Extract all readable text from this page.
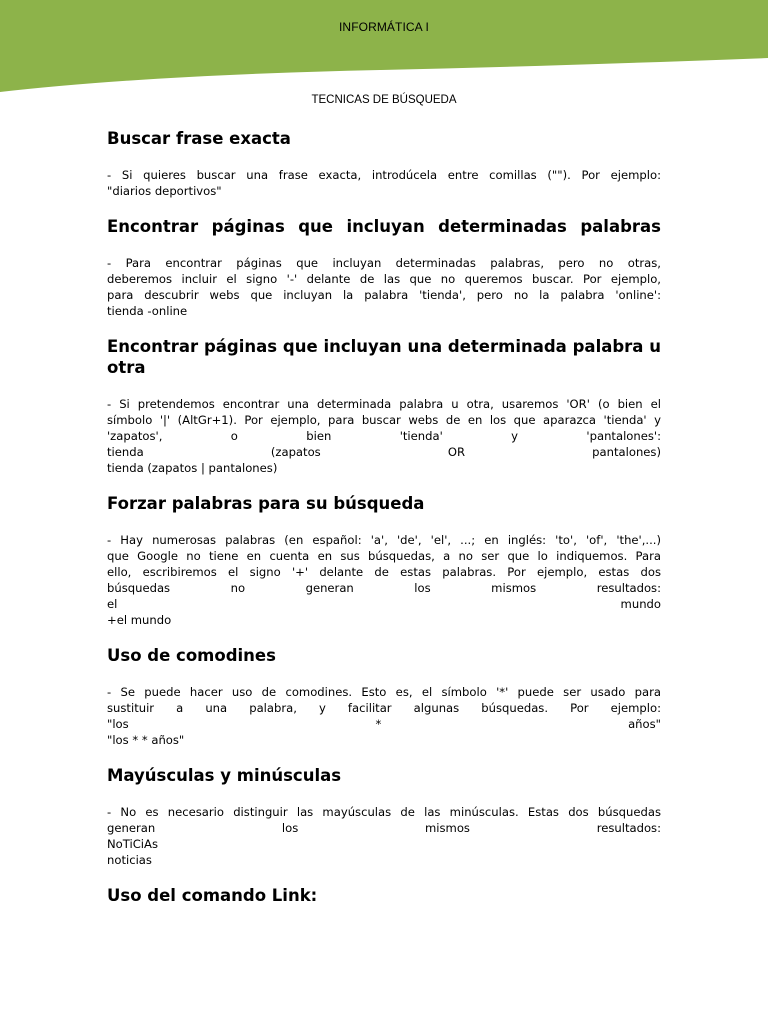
INFORMÁTICA I
TECNICAS DE BÚSQUEDA
Buscar frase exacta
- Si quieres buscar una frase exacta, introdúcela entre comillas (""). Por ejemplo:
"diarios deportivos"
Encontrar páginas que incluyan determinadas palabras
- Para encontrar páginas que incluyan determinadas palabras, pero no otras,
deberemos incluir el signo '-' delante de las que no queremos buscar. Por ejemplo,
para descubrir webs que incluyan la palabra 'tienda', pero no la palabra 'online':
tienda -online
Encontrar páginas que incluyan una determinada palabra u otra
- Si pretendemos encontrar una determinada palabra u otra, usaremos 'OR' (o bien el
símbolo '|' (AltGr+1). Por ejemplo, para buscar webs de en los que aparazca 'tienda' y
'zapatos', o bien 'tienda' y 'pantalones':
tienda (zapatos OR pantalones)
tienda (zapatos | pantalones)
Forzar palabras para su búsqueda
- Hay numerosas palabras (en español: 'a', 'de', 'el', ...; en inglés: 'to', 'of', 'the',...)
que Google no tiene en cuenta en sus búsquedas, a no ser que lo indiquemos. Para
ello, escribiremos el signo '+' delante de estas palabras. Por ejemplo, estas dos
búsquedas no generan los mismos resultados:
el mundo
+el mundo
Uso de comodines
- Se puede hacer uso de comodines. Esto es, el símbolo '*' puede ser usado para
sustituir a una palabra, y facilitar algunas búsquedas. Por ejemplo:
"los * años"
"los * * años"
Mayúsculas y minúsculas
- No es necesario distinguir las mayúsculas de las minúsculas. Estas dos búsquedas
generan los mismos resultados:
NoTiCiAs
noticias
Uso del comando Link:
